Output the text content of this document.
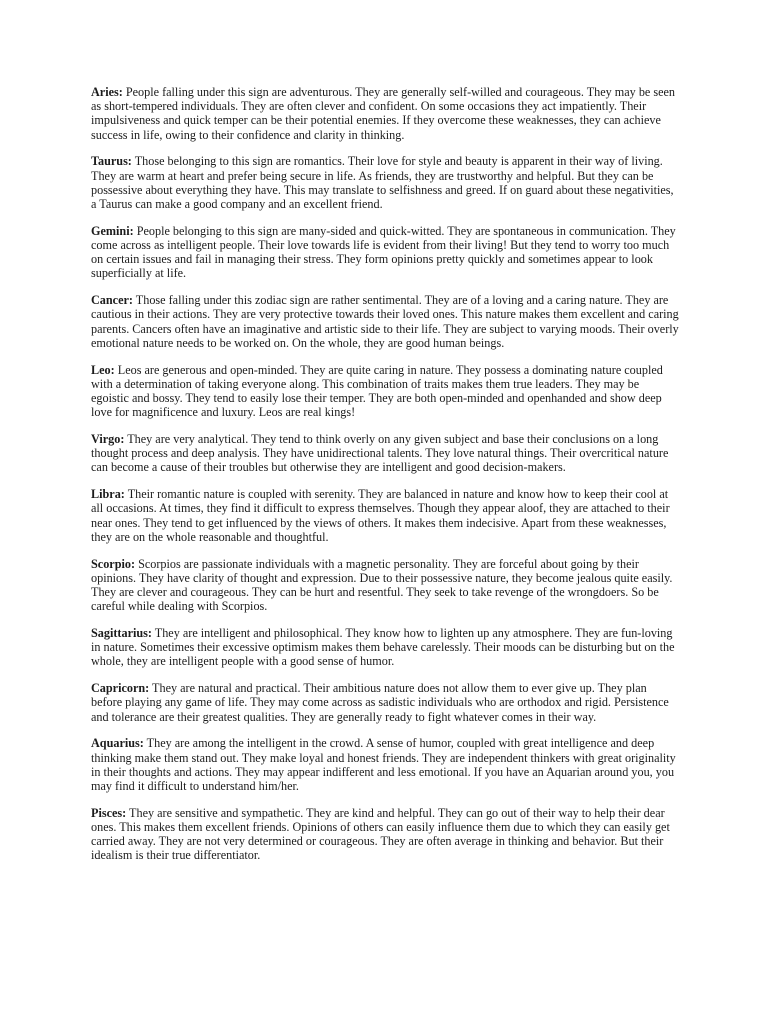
Aries: People falling under this sign are adventurous. They are generally self-willed and courageous. They may be seen as short-tempered individuals. They are often clever and confident. On some occasions they act impatiently. Their impulsiveness and quick temper can be their potential enemies. If they overcome these weaknesses, they can achieve success in life, owing to their confidence and clarity in thinking.

Taurus: Those belonging to this sign are romantics. Their love for style and beauty is apparent in their way of living. They are warm at heart and prefer being secure in life. As friends, they are trustworthy and helpful. But they can be possessive about everything they have. This may translate to selfishness and greed. If on guard about these negativities, a Taurus can make a good company and an excellent friend.

Gemini: People belonging to this sign are many-sided and quick-witted. They are spontaneous in communication. They come across as intelligent people. Their love towards life is evident from their living! But they tend to worry too much on certain issues and fail in managing their stress. They form opinions pretty quickly and sometimes appear to look superficially at life.

Cancer: Those falling under this zodiac sign are rather sentimental. They are of a loving and a caring nature. They are cautious in their actions. They are very protective towards their loved ones. This nature makes them excellent and caring parents. Cancers often have an imaginative and artistic side to their life. They are subject to varying moods. Their overly emotional nature needs to be worked on. On the whole, they are good human beings.

Leo: Leos are generous and open-minded. They are quite caring in nature. They possess a dominating nature coupled with a determination of taking everyone along. This combination of traits makes them true leaders. They may be egoistic and bossy. They tend to easily lose their temper. They are both open-minded and openhanded and show deep love for magnificence and luxury. Leos are real kings!

Virgo: They are very analytical. They tend to think overly on any given subject and base their conclusions on a long thought process and deep analysis. They have unidirectional talents. They love natural things. Their overcritical nature can become a cause of their troubles but otherwise they are intelligent and good decision-makers.

Libra: Their romantic nature is coupled with serenity. They are balanced in nature and know how to keep their cool at all occasions. At times, they find it difficult to express themselves. Though they appear aloof, they are attached to their near ones. They tend to get influenced by the views of others. It makes them indecisive. Apart from these weaknesses, they are on the whole reasonable and thoughtful.

Scorpio: Scorpios are passionate individuals with a magnetic personality. They are forceful about going by their opinions. They have clarity of thought and expression. Due to their possessive nature, they become jealous quite easily. They are clever and courageous. They can be hurt and resentful. They seek to take revenge of the wrongdoers. So be careful while dealing with Scorpios.

Sagittarius: They are intelligent and philosophical. They know how to lighten up any atmosphere. They are fun-loving in nature. Sometimes their excessive optimism makes them behave carelessly. Their moods can be disturbing but on the whole, they are intelligent people with a good sense of humor.

Capricorn: They are natural and practical. Their ambitious nature does not allow them to ever give up. They plan before playing any game of life. They may come across as sadistic individuals who are orthodox and rigid. Persistence and tolerance are their greatest qualities. They are generally ready to fight whatever comes in their way.

Aquarius: They are among the intelligent in the crowd. A sense of humor, coupled with great intelligence and deep thinking make them stand out. They make loyal and honest friends. They are independent thinkers with great originality in their thoughts and actions. They may appear indifferent and less emotional. If you have an Aquarian around you, you may find it difficult to understand him/her.

Pisces: They are sensitive and sympathetic. They are kind and helpful. They can go out of their way to help their dear ones. This makes them excellent friends. Opinions of others can easily influence them due to which they can easily get carried away. They are not very determined or courageous. They are often average in thinking and behavior. But their idealism is their true differentiator.
